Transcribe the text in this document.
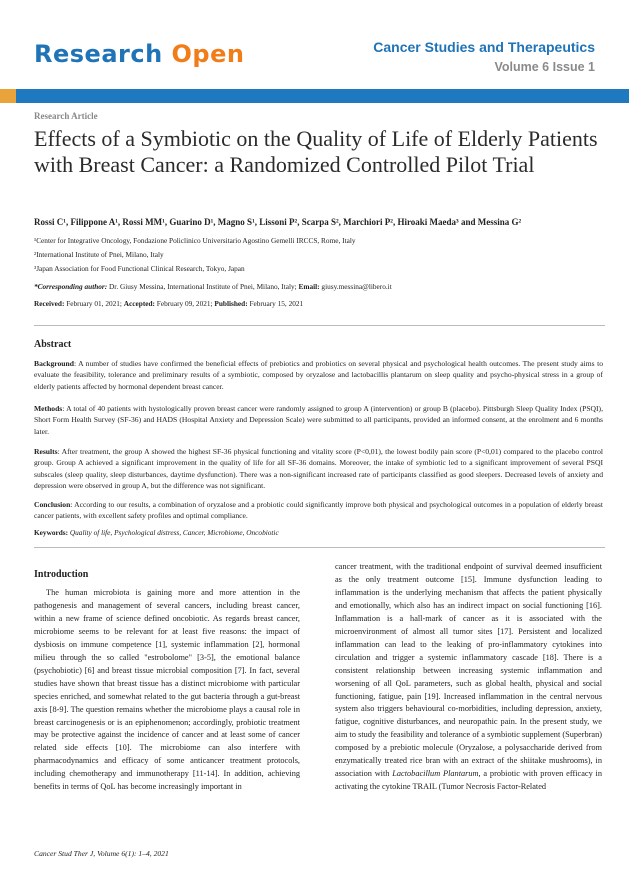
Research Open	Cancer Studies and Therapeutics
Volume 6 Issue 1
Research Article
Effects of a Symbiotic on the Quality of Life of Elderly Patients with Breast Cancer: a Randomized Controlled Pilot Trial
Rossi C¹, Filippone A¹, Rossi MM¹, Guarino D¹, Magno S¹, Lissoni P², Scarpa S², Marchiori P², Hiroaki Maeda³ and Messina G²
¹Center for Integrative Oncology, Fondazione Policlinico Universitario Agostino Gemelli IRCCS, Rome, Italy
²International Institute of Pnei, Milano, Italy
³Japan Association for Food Functional Clinical Research, Tokyo, Japan
*Corresponding author: Dr. Giusy Messina, International Institute of Pnei, Milano, Italy; Email: giusy.messina@libero.it
Received: February 01, 2021; Accepted: February 09, 2021; Published: February 15, 2021
Abstract
Background: A number of studies have confirmed the beneficial effects of prebiotics and probiotics on several physical and psychological health outcomes. The present study aims to evaluate the feasibility, tolerance and preliminary results of a symbiotic, composed by oryzalose and lactobacillis plantarum on sleep quality and psycho-physical stress in a group of elderly patients affected by hormonal dependent breast cancer.
Methods: A total of 40 patients with hystologically proven breast cancer were randomly assigned to group A (intervention) or group B (placebo). Pittsburgh Sleep Quality Index (PSQI), Short Form Health Survey (SF-36) and HADS (Hospital Anxiety and Depression Scale) were submitted to all participants, provided an informed consent, at the enrolment and 6 months later.
Results: After treatment, the group A showed the highest SF-36 physical functioning and vitality score (P<0,01), the lowest bodily pain score (P<0,01) compared to the placebo control group. Group A achieved a significant improvement in the quality of life for all SF-36 domains. Moreover, the intake of symbiotic led to a significant improvement of several PSQI subscales (sleep quality, sleep disturbances, daytime dysfunction). There was a non-significant increased rate of participants classified as good sleepers. Decreased levels of anxiety and depression were observed in group A, but the difference was not significant.
Conclusion: According to our results, a combination of oryzalose and a probiotic could significantly improve both physical and psychological outcomes in a population of elderly breast cancer patients, with excellent safety profiles and optimal compliance.
Keywords: Quality of life, Psychological distress, Cancer, Microbiome, Oncobiotic
Introduction
The human microbiota is gaining more and more attention in the pathogenesis and management of several cancers, including breast cancer, within a new frame of science defined oncobiotic. As regards breast cancer, microbiome seems to be relevant for at least five reasons: the impact of dysbiosis on immune competence [1], systemic inflammation [2], hormonal milieu through the so called "estrobolome" [3-5], the emotional balance (psychobiotic) [6] and breast tissue microbial composition [7]. In fact, several studies have shown that breast tissue has a distinct microbiome with particular species enriched, and somewhat related to the gut bacteria through a gut-breast axis [8-9]. The question remains whether the microbiome plays a causal role in breast carcinogenesis or is an epiphenomenon; accordingly, probiotic treatment may be protective against the incidence of cancer and at least some of cancer related side effects [10]. The microbiome can also interfere with pharmacodynamics and efficacy of some anticancer treatment protocols, including chemotherapy and immunotherapy [11-14]. In addition, achieving benefits in terms of QoL has become increasingly important in
cancer treatment, with the traditional endpoint of survival deemed insufficient as the only treatment outcome [15]. Immune dysfunction leading to inflammation is the underlying mechanism that affects the patient physically and emotionally, which also has an indirect impact on social functioning [16]. Inflammation is a hall-mark of cancer as it is associated with the microenvironment of almost all tumor sites [17]. Persistent and localized inflammation can lead to the leaking of pro-inflammatory cytokines into circulation and trigger a systemic inflammatory cascade [18]. There is a consistent relationship between increasing systemic inflammation and worsening of all QoL parameters, such as global health, physical and social functioning, fatigue, pain [19]. Increased inflammation in the central nervous system also triggers behavioural co-morbidities, including depression, anxiety, fatigue, cognitive disturbances, and neuropathic pain. In the present study, we aim to study the feasibility and tolerance of a symbiotic supplement (Superbran) composed by a prebiotic molecule (Oryzalose, a polysaccharide derived from enzymatically treated rice bran with an extract of the shiitake mushrooms), in association with Lactobacillum Plantarum, a probiotic with proven efficacy in activating the cytokine TRAIL (Tumor Necrosis Factor-Related
Cancer Stud Ther J, Volume 6(1): 1–4, 2021
